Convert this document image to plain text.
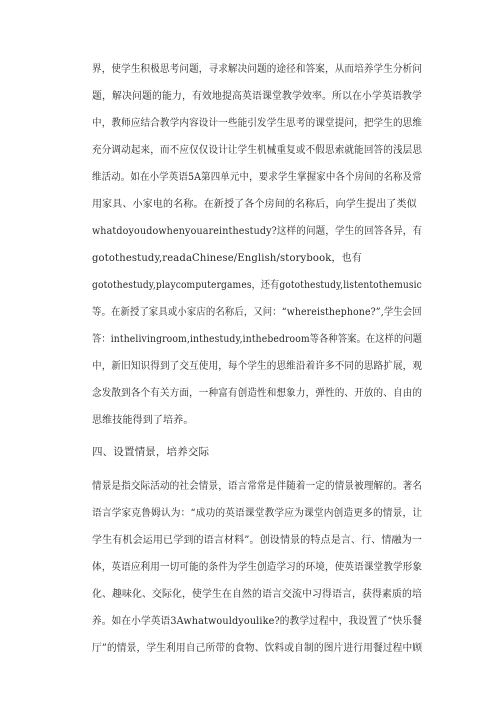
界，使学生积极思考问题，寻求解决问题的途径和答案，从而培养学生分析问
题，解决问题的能力，有效地提高英语课堂教学效率。所以在小学英语教学
中，教师应结合教学内容设计一些能引发学生思考的课堂提问，把学生的思维
充分调动起来，而不应仅仅设计让学生机械重复或不假思索就能回答的浅层思
维活动。如在小学英语5A第四单元中，要求学生掌握家中各个房间的名称及常
用家具、小家电的名称。在新授了各个房间的名称后，向学生提出了类似
whatdoyoudowhenyouareinthestudy?这样的问题，学生的回答各异，有
gotothestudy,readaChinese/English/storybook，也有
gotothestudy,playcomputergames，还有gotothestudy,listentothemusic
等。在新授了家具或小家店的名称后，又问：“whereisthephone?”,学生会回
答：inthelivingroom,inthestudy,inthebedroom等各种答案。在这样的问题
中，新旧知识得到了交互使用，每个学生的思维沿着许多不同的思路扩展，观
念发散到各个有关方面，一种富有创造性和想象力，弹性的、开放的、自由的
思维技能得到了培养。
四、设置情景，培养交际
情景是指交际活动的社会情景，语言常常是伴随着一定的情景被理解的。著名
语言学家克鲁姆认为：“成功的英语课堂教学应为课堂内创造更多的情景，让
学生有机会运用已学到的语言材料”。创设情景的特点是言、行、情融为一
体，英语应利用一切可能的条件为学生创造学习的环境，使英语课堂教学形象
化、趣味化、交际化，使学生在自然的语言交流中习得语言，获得素质的培
养。如在小学英语3Awhatwouldyoulike?的教学过程中，我设置了“快乐餐
厅”的情景，学生利用自己所带的食物、饮料或自制的图片进行用餐过程中顾
